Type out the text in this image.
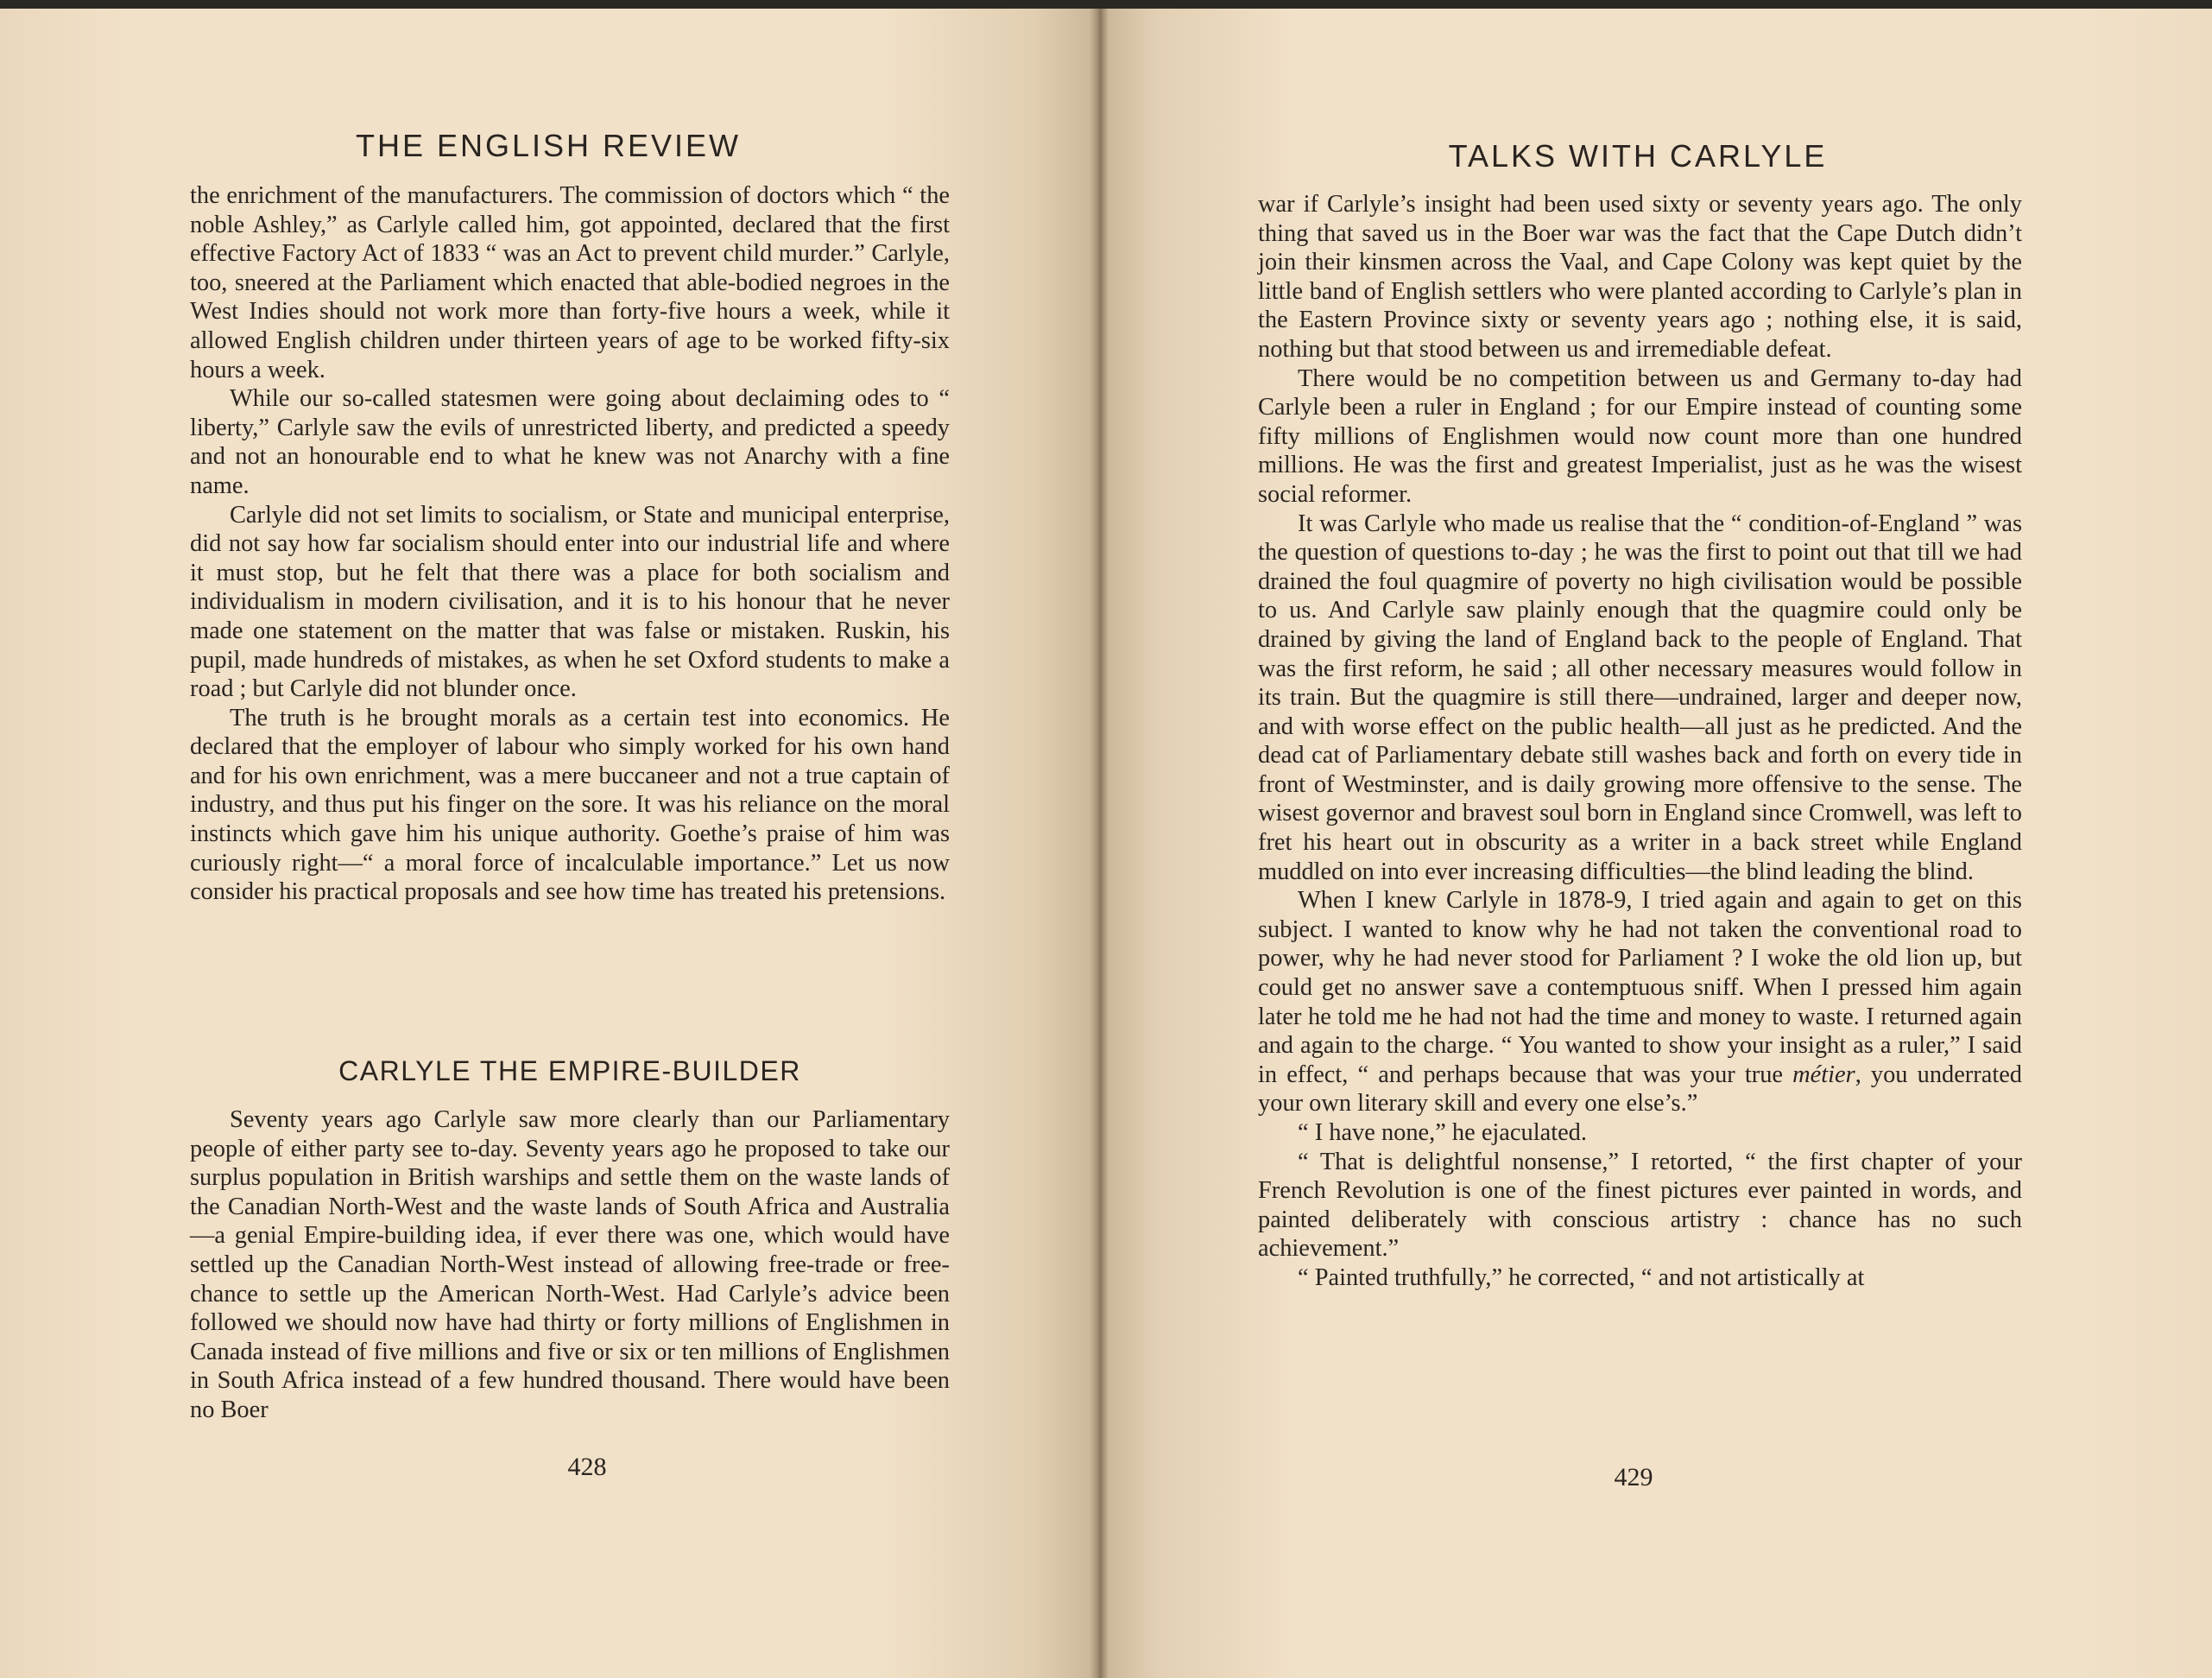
THE ENGLISH REVIEW

the enrichment of the manufacturers. The commission of doctors which “ the noble Ashley,” as Carlyle called him, got appointed, declared that the first effective Factory Act of 1833 “ was an Act to prevent child murder.” Carlyle, too, sneered at the Parliament which enacted that able-bodied negroes in the West Indies should not work more than forty-five hours a week, while it allowed English children under thirteen years of age to be worked fifty-six hours a week.

While our so-called statesmen were going about declaiming odes to “ liberty,” Carlyle saw the evils of unrestricted liberty, and predicted a speedy and not an honourable end to what he knew was not Anarchy with a fine name.

Carlyle did not set limits to socialism, or State and municipal enterprise, did not say how far socialism should enter into our industrial life and where it must stop, but he felt that there was a place for both socialism and individualism in modern civilisation, and it is to his honour that he never made one statement on the matter that was false or mistaken. Ruskin, his pupil, made hundreds of mistakes, as when he set Oxford students to make a road ; but Carlyle did not blunder once.

The truth is he brought morals as a certain test into economics. He declared that the employer of labour who simply worked for his own hand and for his own enrichment, was a mere buccaneer and not a true captain of industry, and thus put his finger on the sore. It was his reliance on the moral instincts which gave him his unique authority. Goethe’s praise of him was curiously right—“ a moral force of incalculable importance.” Let us now consider his practical proposals and see how time has treated his pretensions.

CARLYLE THE EMPIRE-BUILDER

Seventy years ago Carlyle saw more clearly than our Parliamentary people of either party see to-day. Seventy years ago he proposed to take our surplus population in British warships and settle them on the waste lands of the Canadian North-West and the waste lands of South Africa and Australia—a genial Empire-building idea, if ever there was one, which would have settled up the Canadian North-West instead of allowing free-trade or free-chance to settle up the American North-West. Had Carlyle’s advice been followed we should now have had thirty or forty millions of Englishmen in Canada instead of five millions and five or six or ten millions of Englishmen in South Africa instead of a few hundred thousand. There would have been no Boer

428
TALKS WITH CARLYLE

war if Carlyle’s insight had been used sixty or seventy years ago. The only thing that saved us in the Boer war was the fact that the Cape Dutch didn’t join their kinsmen across the Vaal, and Cape Colony was kept quiet by the little band of English settlers who were planted according to Carlyle’s plan in the Eastern Province sixty or seventy years ago ; nothing else, it is said, nothing but that stood between us and irremediable defeat.

There would be no competition between us and Germany to-day had Carlyle been a ruler in England ; for our Empire instead of counting some fifty millions of Englishmen would now count more than one hundred millions. He was the first and greatest Imperialist, just as he was the wisest social reformer.

It was Carlyle who made us realise that the “ condition-of-England ” was the question of questions to-day ; he was the first to point out that till we had drained the foul quagmire of poverty no high civilisation would be possible to us. And Carlyle saw plainly enough that the quagmire could only be drained by giving the land of England back to the people of England. That was the first reform, he said ; all other necessary measures would follow in its train. But the quagmire is still there—undrained, larger and deeper now, and with worse effect on the public health—all just as he predicted. And the dead cat of Parliamentary debate still washes back and forth on every tide in front of Westminster, and is daily growing more offensive to the sense. The wisest governor and bravest soul born in England since Cromwell, was left to fret his heart out in obscurity as a writer in a back street while England muddled on into ever increasing difficulties—the blind leading the blind.

When I knew Carlyle in 1878-9, I tried again and again to get on this subject. I wanted to know why he had not taken the conventional road to power, why he had never stood for Parliament ? I woke the old lion up, but could get no answer save a contemptuous sniff. When I pressed him again later he told me he had not had the time and money to waste. I returned again and again to the charge. “ You wanted to show your insight as a ruler,” I said in effect, “ and perhaps because that was your true métier, you underrated your own literary skill and every one else’s.”

“ I have none,” he ejaculated.

“ That is delightful nonsense,” I retorted, “ the first chapter of your French Revolution is one of the finest pictures ever painted in words, and painted deliberately with conscious artistry : chance has no such achievement.”

“ Painted truthfully,” he corrected, “ and not artistically at

429
